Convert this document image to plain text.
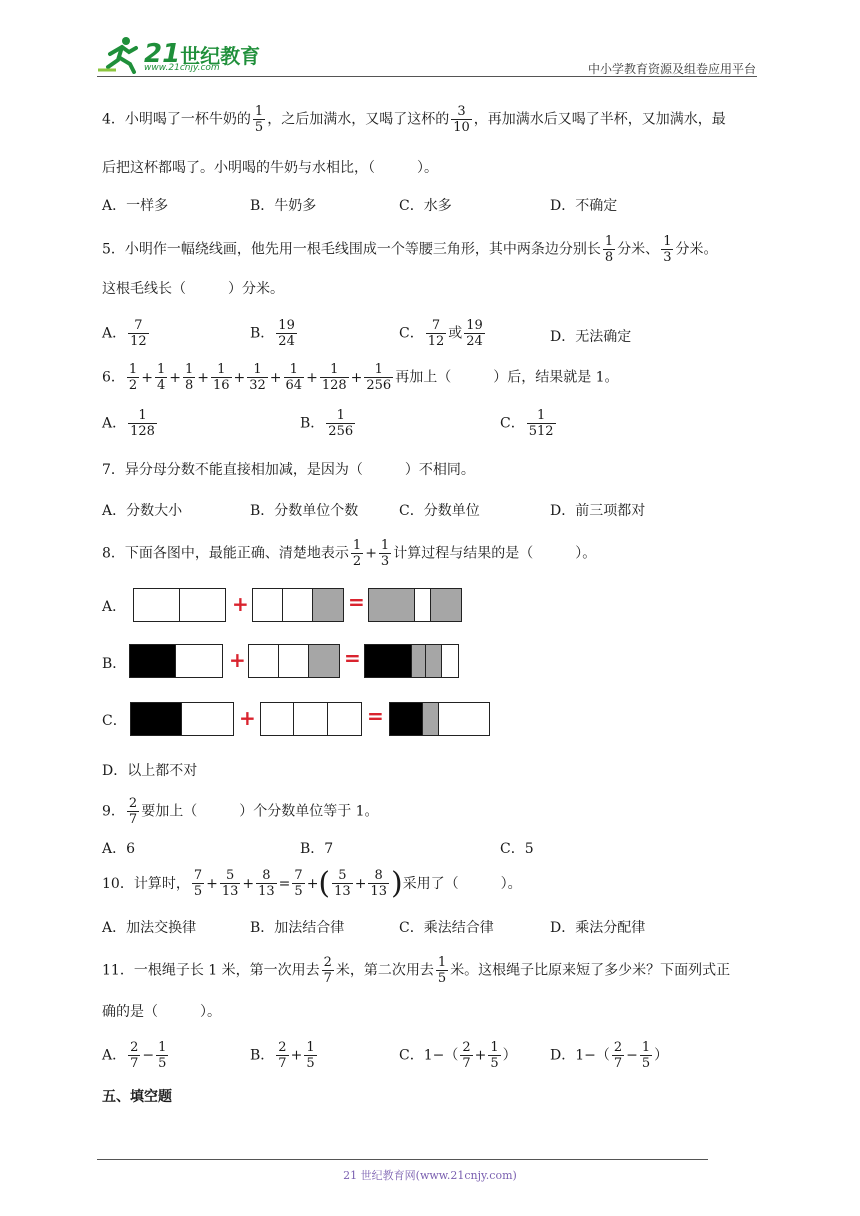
21 世纪教育
www.21cnjy.com	中小学教育资源及组卷应用平台
4．小明喝了一杯牛奶的 $\frac{1}{5}$ ，之后加满水，又喝了这杯的 $\frac{3}{10}$ ，再加满水后又喝了半杯，又加满水，最
后把这杯都喝了。小明喝的牛奶与水相比，（　　　）。
A．一样多	B．牛奶多	C．水多	D．不确定
5．小明作一幅绕线画，他先用一根毛线围成一个等腰三角形，其中两条边分别长 $\frac{1}{8}$ 分米、 $\frac{1}{3}$ 分米。
这根毛线长（　　　）分米。
A． $\frac{7}{12}$	B． $\frac{19}{24}$	C． $\frac{7}{12}$ 或 $\frac{19}{24}$	D．无法确定
6． $\frac{1}{2} + \frac{1}{4} + \frac{1}{8} + \frac{1}{16} + \frac{1}{32} + \frac{1}{64} + \frac{1}{128} + \frac{1}{256}$ 再加上（　　　）后，结果就是 1。
A． $\frac{1}{128}$	B． $\frac{1}{256}$	C． $\frac{1}{512}$
7．异分母分数不能直接相加减，是因为（　　　）不相同。
A．分数大小	B．分数单位个数	C．分数单位	D．前三项都对
8．下面各图中，最能正确、清楚地表示 $\frac{1}{2} + \frac{1}{3}$ 计算过程与结果的是（　　　）。
A．	+	=
B．	+	=
C．	+	=
D．以上都不对
9． $\frac{2}{7}$ 要加上（　　　）个分数单位等于 1。
A．6	B．7	C．5
10．计算时， $\frac{7}{5} + \frac{5}{13} + \frac{8}{13} = \frac{7}{5}$ + ( $\frac{5}{13} + \frac{8}{13}$ ) 采用了（　　　）。
A．加法交换律	B．加法结合律	C．乘法结合律	D．乘法分配律
11．一根绳子长 1 米，第一次用去 $\frac{2}{7}$ 米，第二次用去 $\frac{1}{5}$ 米。这根绳子比原来短了多少米？下面列式正
确的是（　　　）。
A． $\frac{2}{7} - \frac{1}{5}$	B． $\frac{2}{7} + \frac{1}{5}$	C．$1-( \frac{2}{7} + \frac{1}{5}$ ） D．$1-( \frac{2}{7} - \frac{1}{5}$ ）
五、填空题
21 世纪教育网(www.21cnjy.com)
